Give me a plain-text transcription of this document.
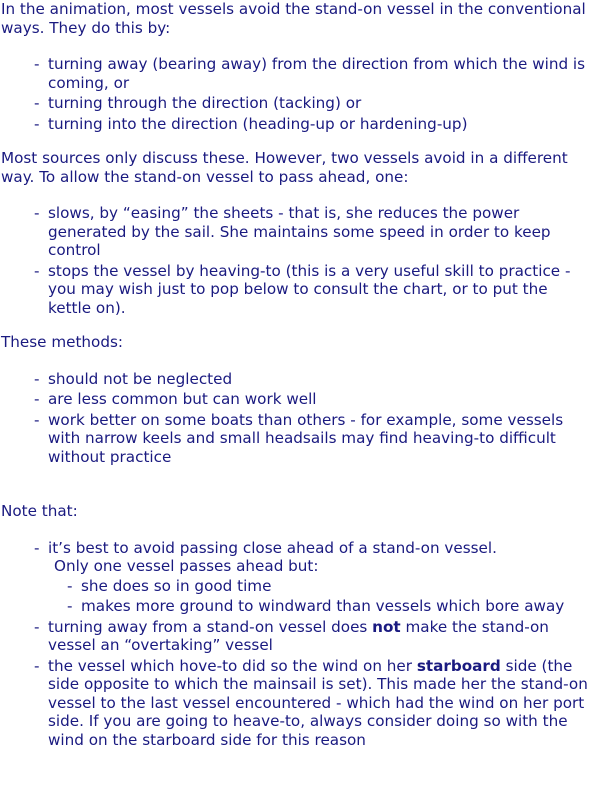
In the animation, most vessels avoid the stand-on vessel in the conventional ways. They do this by:

- turning away (bearing away) from the direction from which the wind is coming, or
- turning through the direction (tacking) or
- turning into the direction (heading-up or hardening-up)

Most sources only discuss these. However, two vessels avoid in a different way. To allow the stand-on vessel to pass ahead, one:

- slows, by “easing” the sheets - that is, she reduces the power generated by the sail. She maintains some speed in order to keep control
- stops the vessel by heaving-to (this is a very useful skill to practice - you may wish just to pop below to consult the chart, or to put the kettle on).

These methods:

- should not be neglected
- are less common but can work well
- work better on some boats than others - for example, some vessels with narrow keels and small headsails may find heaving-to difficult without practice

Note that:

- it’s best to avoid passing close ahead of a stand-on vessel.
Only one vessel passes ahead but:
- she does so in good time
- makes more ground to windward than vessels which bore away
- turning away from a stand-on vessel does not make the stand-on vessel an “overtaking” vessel
- the vessel which hove-to did so the wind on her starboard side (the side opposite to which the mainsail is set). This made her the stand-on vessel to the last vessel encountered - which had the wind on her port side. If you are going to heave-to, always consider doing so with the wind on the starboard side for this reason
